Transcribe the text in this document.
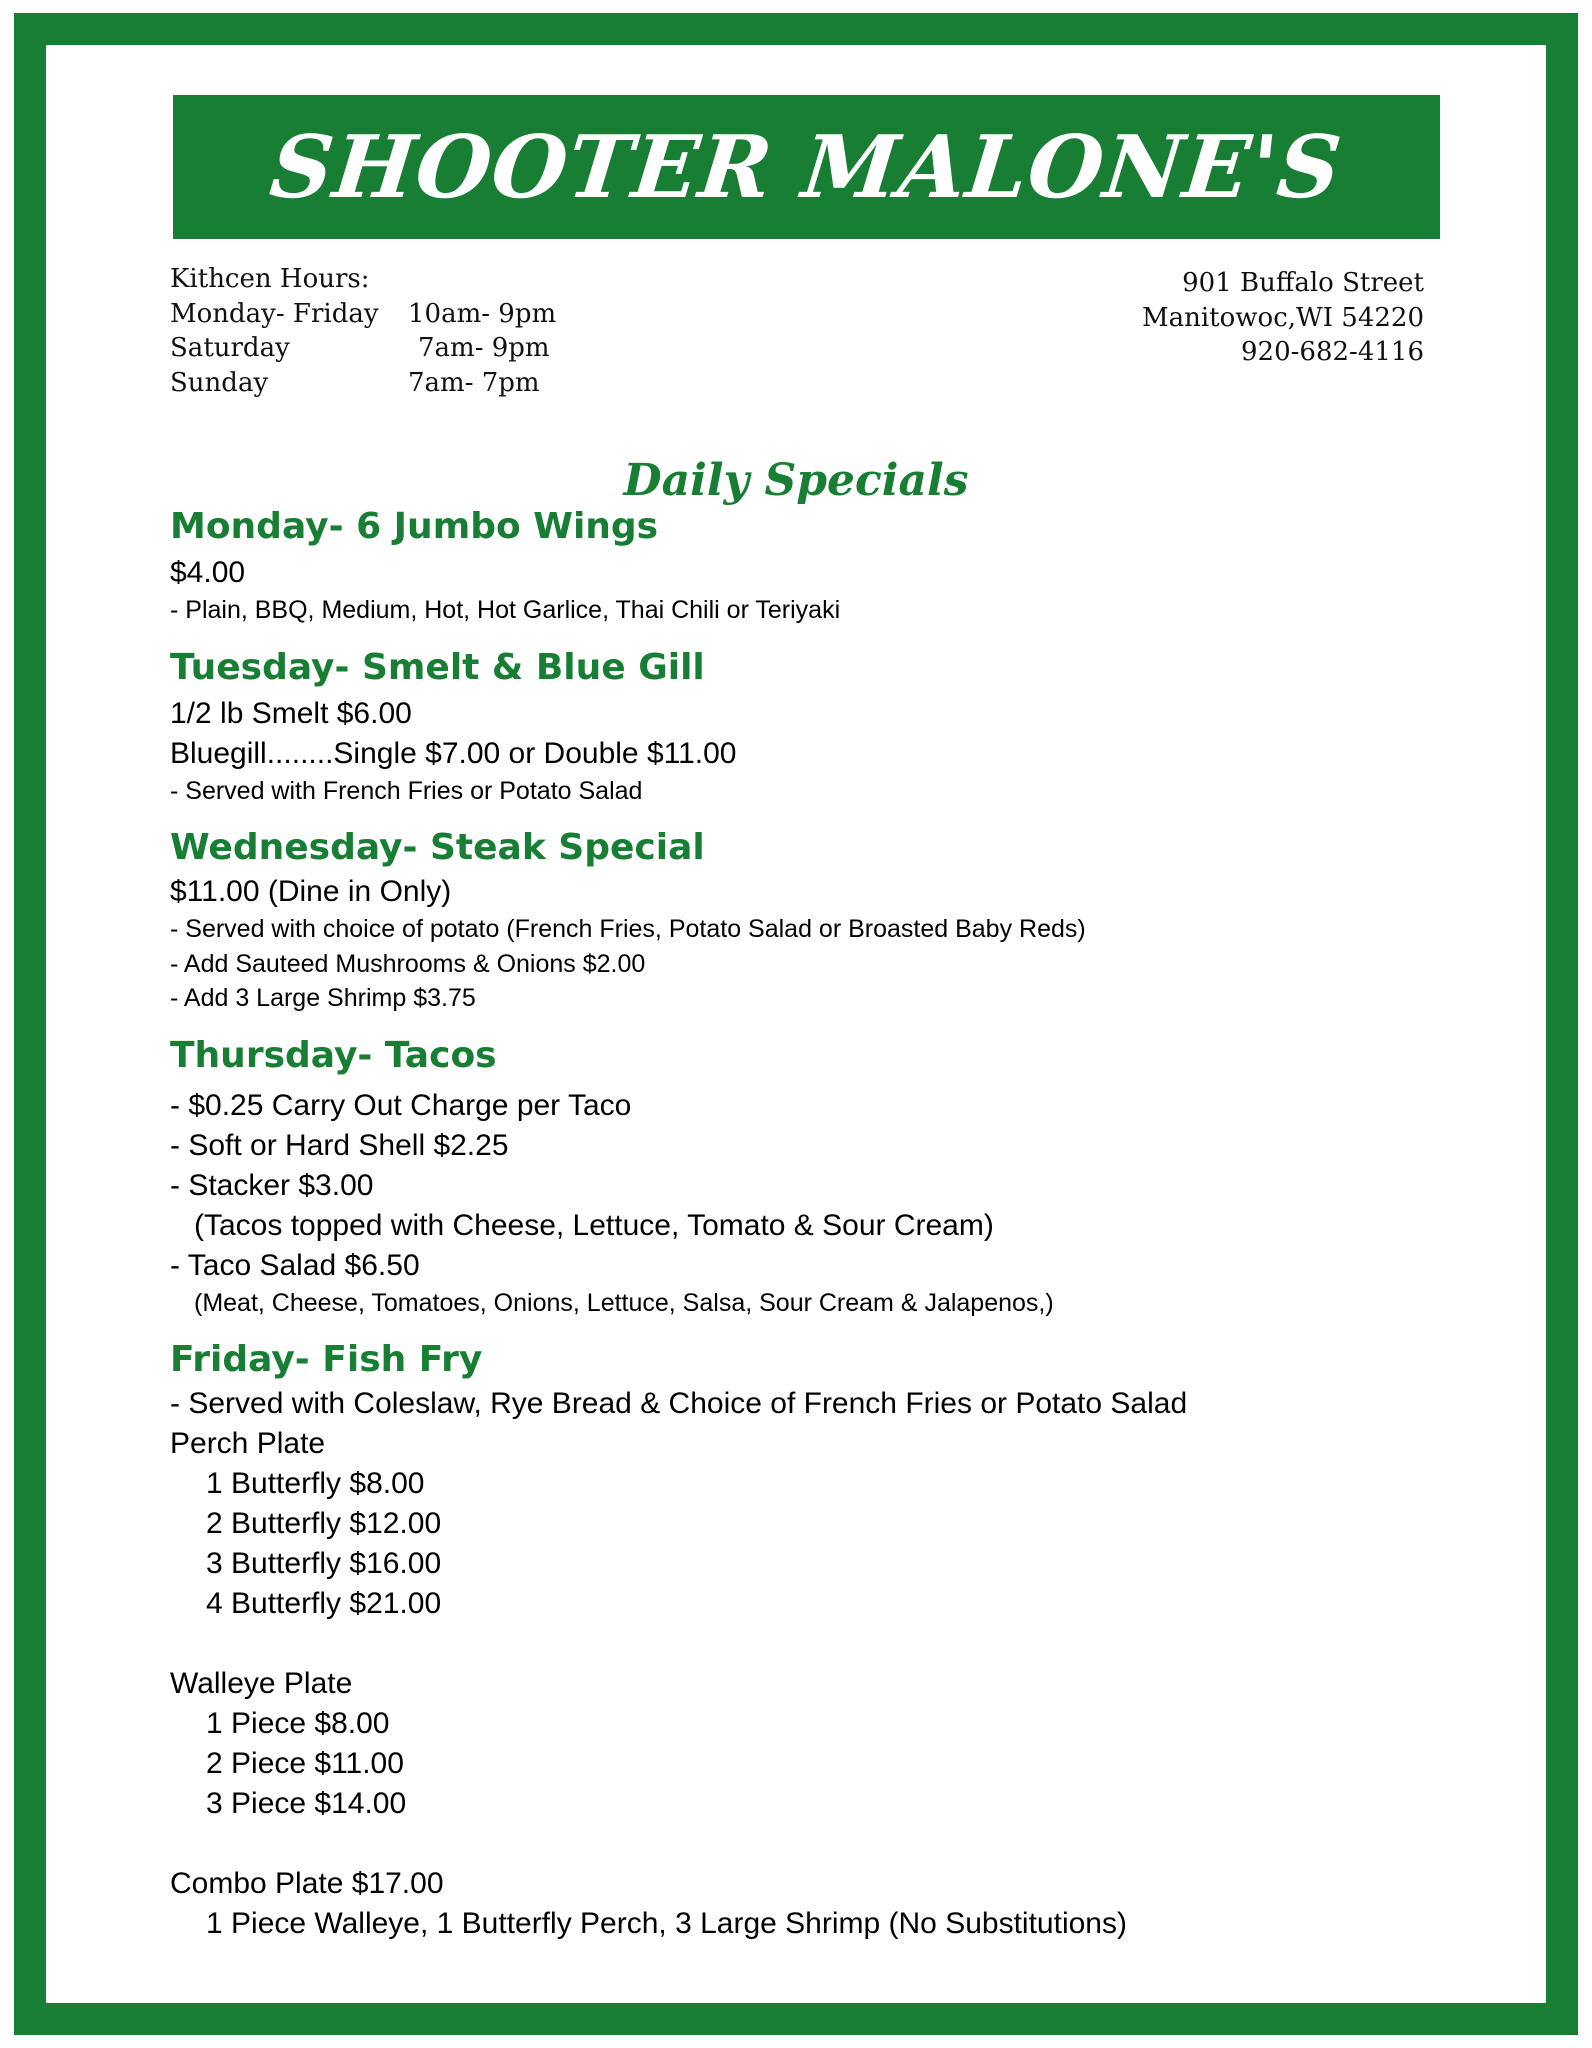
SHOOTER MALONE'S
Kithcen Hours:
Monday- Friday	10am- 9pm
Saturday	7am- 9pm
Sunday	7am- 7pm
901 Buffalo Street
Manitowoc,WI 54220
920-682-4116
Daily Specials
Monday- 6 Jumbo Wings
$4.00
- Plain, BBQ, Medium, Hot, Hot Garlice, Thai Chili or Teriyaki
Tuesday- Smelt & Blue Gill
1/2 lb Smelt $6.00
Bluegill........Single $7.00 or Double $11.00
- Served with French Fries or Potato Salad
Wednesday- Steak Special
$11.00 (Dine in Only)
- Served with choice of potato (French Fries, Potato Salad or Broasted Baby Reds)
- Add Sauteed Mushrooms & Onions $2.00
- Add 3 Large Shrimp $3.75
Thursday- Tacos
- $0.25 Carry Out Charge per Taco
- Soft or Hard Shell $2.25
- Stacker $3.00
(Tacos topped with Cheese, Lettuce, Tomato & Sour Cream)
- Taco Salad $6.50
(Meat, Cheese, Tomatoes, Onions, Lettuce, Salsa, Sour Cream & Jalapenos,)
Friday- Fish Fry
- Served with Coleslaw, Rye Bread & Choice of French Fries or Potato Salad
Perch Plate
1 Butterfly $8.00
2 Butterfly $12.00
3 Butterfly $16.00
4 Butterfly $21.00
Walleye Plate
1 Piece $8.00
2 Piece $11.00
3 Piece $14.00
Combo Plate $17.00
1 Piece Walleye, 1 Butterfly Perch, 3 Large Shrimp (No Substitutions)
